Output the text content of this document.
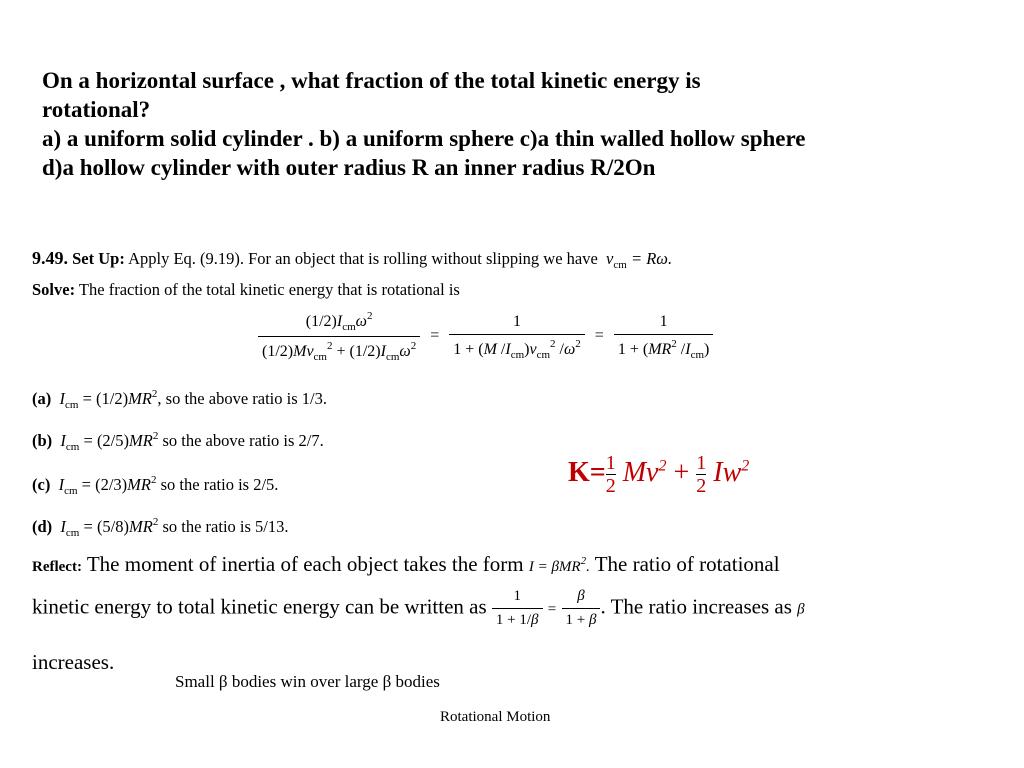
On a horizontal surface , what fraction of the total kinetic energy is
rotational?
a) a uniform solid cylinder . b) a uniform sphere c)a thin walled hollow sphere
d)a hollow cylinder with outer radius R an inner radius R/2On
9.49. Set Up: Apply Eq. (9.19). For an object that is rolling without slipping we have  $v_{cm} = R\omega$.
Solve: The fraction of the total kinetic energy that is rotational is
$\frac{(1/2)I_{cm}\omega^2}{(1/2)Mv_{cm}^2 + (1/2)I_{cm}\omega^2} = \frac{1}{1 + (M /I_{cm})v_{cm}^2 /\omega^2} = \frac{1}{1 + (MR^2 /I_{cm})}$
(a) $I_{cm} = (1/2)MR^2$, so the above ratio is 1/3.
(b) $I_{cm} = (2/5)MR^2$ so the above ratio is 2/7.
(c) $I_{cm} = (2/3)MR^2$ so the ratio is 2/5.
(d) $I_{cm} = (5/8)MR^2$ so the ratio is 5/13.
$K= \frac{1}{2} Mv^2 + \frac{1}{2} Iw^2$
Reflect: The moment of inertia of each object takes the form I = βMR$^2$. The ratio of rotational
kinetic energy to total kinetic energy can be written as $\frac{1}{1 + 1/\beta} = \frac{\beta}{1 + \beta}$ . The ratio increases as β
increases.
Small β bodies win over large β bodies
Rotational Motion
